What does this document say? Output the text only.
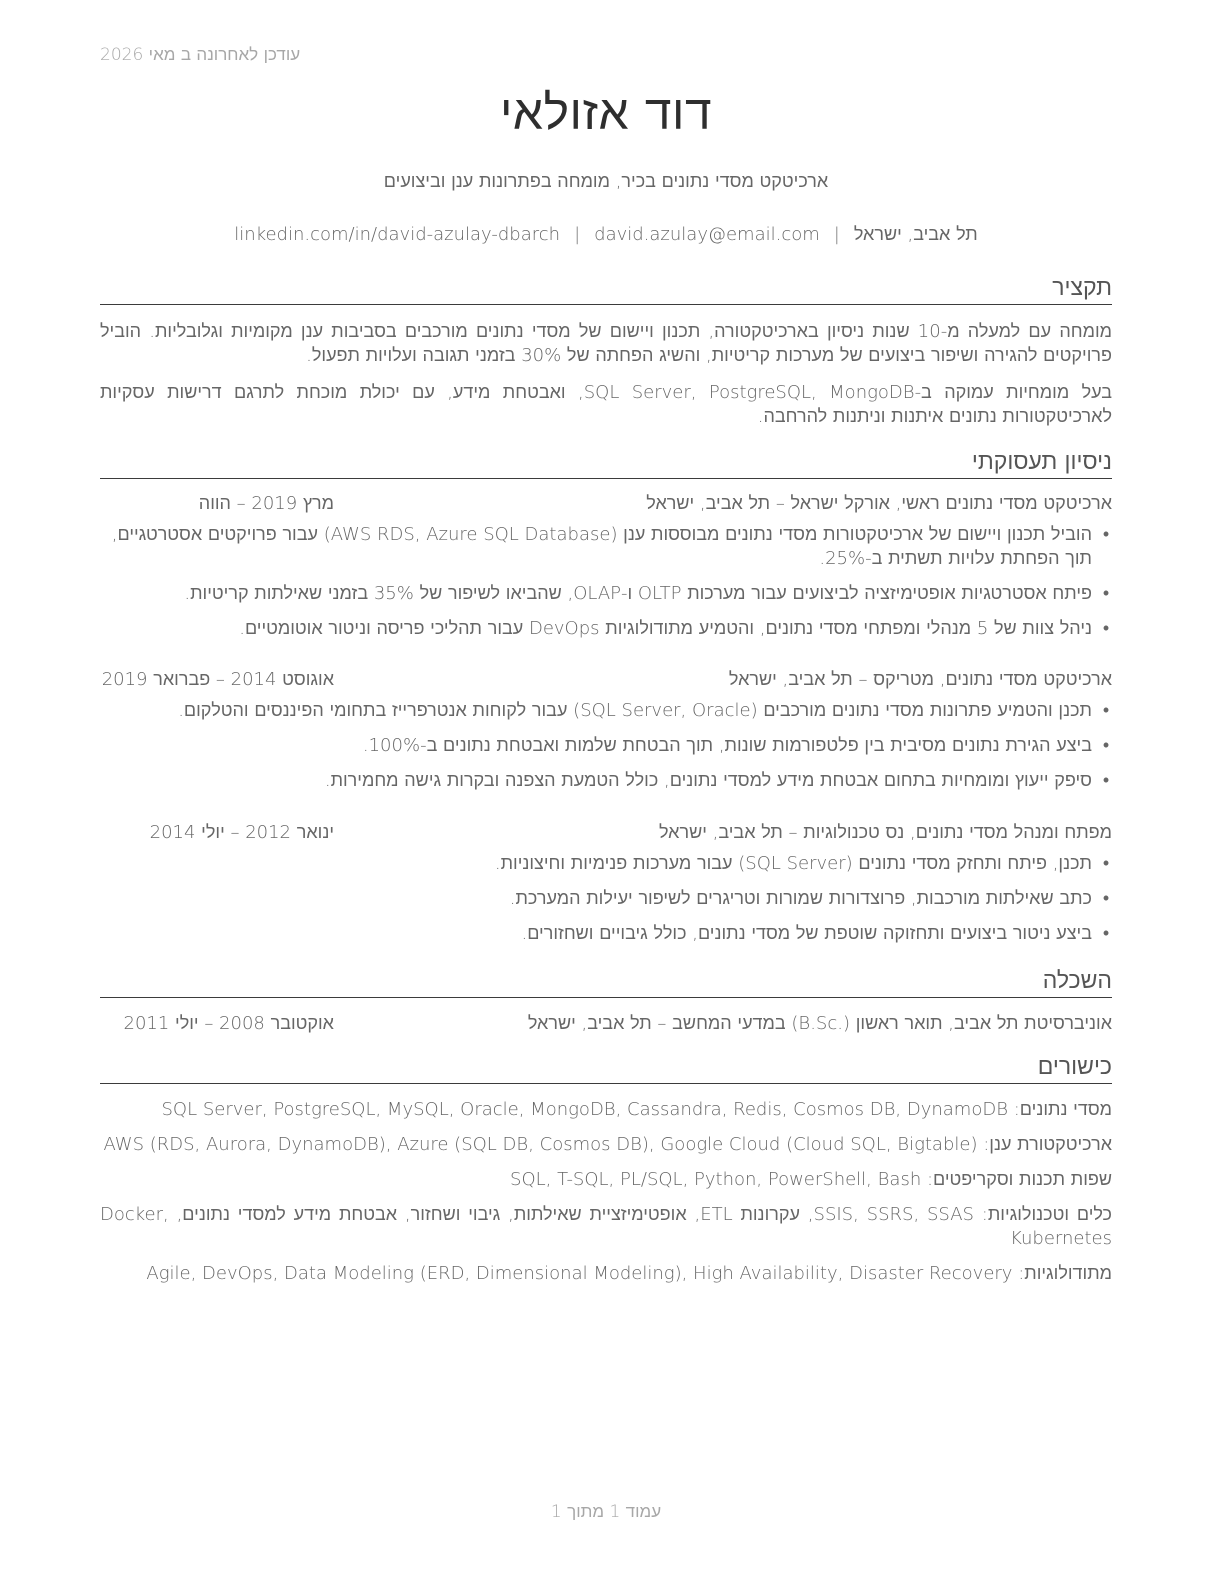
עודכן לאחרונה ב מאי 2026
דוד אזולאי
ארכיטקט מסדי נתונים בכיר, מומחה בפתרונות ענן וביצועים
תל אביב, ישראל|david.azulay@email.com|linkedin.com/in/david-azulay-dbarch
תקציר
מומחה עם למעלה מ-10 שנות ניסיון בארכיטקטורה, תכנון ויישום של מסדי נתונים מורכבים בסביבות ענן מקומיות וגלובליות. הוביל פרויקטים להגירה ושיפור ביצועים של מערכות קריטיות, והשיג הפחתה של 30% בזמני תגובה ועלויות תפעול.
בעל מומחיות עמוקה ב-SQL Server, PostgreSQL, MongoDB, ואבטחת מידע, עם יכולת מוכחת לתרגם דרישות עסקיות לארכיטקטורות נתונים איתנות וניתנות להרחבה.
ניסיון תעסוקתי
ארכיטקט מסדי נתונים ראשי, אורקל ישראל – תל אביב, ישראל
מרץ 2019 – הווה
•
הוביל תכנון ויישום של ארכיטקטורות מסדי נתונים מבוססות ענן (AWS RDS, Azure SQL Database) עבור פרויקטים אסטרטגיים, תוך הפחתת עלויות תשתית ב-25%.
•
פיתח אסטרטגיות אופטימיזציה לביצועים עבור מערכות OLTP ו-OLAP, שהביאו לשיפור של 35% בזמני שאילתות קריטיות.
•
ניהל צוות של 5 מנהלי ומפתחי מסדי נתונים, והטמיע מתודולוגיות DevOps עבור תהליכי פריסה וניטור אוטומטיים.
ארכיטקט מסדי נתונים, מטריקס – תל אביב, ישראל
אוגוסט 2014 – פברואר 2019
•
תכנן והטמיע פתרונות מסדי נתונים מורכבים (SQL Server, Oracle) עבור לקוחות אנטרפרייז בתחומי הפיננסים והטלקום.
•
ביצע הגירת נתונים מסיבית בין פלטפורמות שונות, תוך הבטחת שלמות ואבטחת נתונים ב-100%.
•
סיפק ייעוץ ומומחיות בתחום אבטחת מידע למסדי נתונים, כולל הטמעת הצפנה ובקרות גישה מחמירות.
מפתח ומנהל מסדי נתונים, נס טכנולוגיות – תל אביב, ישראל
ינואר 2012 – יולי 2014
•
תכנן, פיתח ותחזק מסדי נתונים (SQL Server) עבור מערכות פנימיות וחיצוניות.
•
כתב שאילתות מורכבות, פרוצדורות שמורות וטריגרים לשיפור יעילות המערכת.
•
ביצע ניטור ביצועים ותחזוקה שוטפת של מסדי נתונים, כולל גיבויים ושחזורים.
השכלה
אוניברסיטת תל אביב, תואר ראשון (.B.Sc) במדעי המחשב – תל אביב, ישראל
אוקטובר 2008 – יולי 2011
כישורים
מסדי נתונים: SQL Server, PostgreSQL, MySQL, Oracle, MongoDB, Cassandra, Redis, Cosmos DB, DynamoDB
ארכיטקטורת ענן: AWS (RDS, Aurora, DynamoDB), Azure (SQL DB, Cosmos DB), Google Cloud (Cloud SQL, Bigtable)
שפות תכנות וסקריפטים: SQL, T-SQL, PL/SQL, Python, PowerShell, Bash
כלים וטכנולוגיות: SSIS, SSRS, SSAS, עקרונות ETL, אופטימיזציית שאילתות, גיבוי ושחזור, אבטחת מידע למסדי נתונים, Docker, Kubernetes
מתודולוגיות: Agile, DevOps, Data Modeling (ERD, Dimensional Modeling), High Availability, Disaster Recovery
עמוד 1 מתוך 1
